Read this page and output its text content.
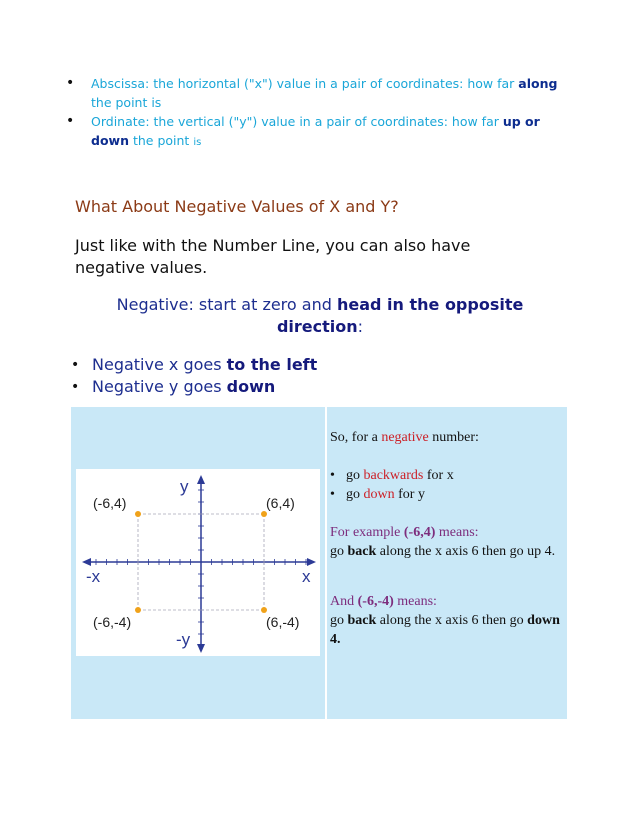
• Abscissa: the horizontal ("x") value in a pair of coordinates: how far along the point is
• Ordinate: the vertical ("y") value in a pair of coordinates: how far up or down the point is
What About Negative Values of X and Y?
Just like with the Number Line, you can also have negative values.
Negative: start at zero and head in the opposite direction:
• Negative x goes to the left
• Negative y goes down
(-6,4)	(6,4)
(-6,-4)	(6,-4)
y
-y
x
-x
So, for a negative number:
• go backwards for x
• go down for y
For example (-6,4) means:
go back along the x axis 6 then go up 4.
And (-6,-4) means:
go back along the x axis 6 then go down 4.
